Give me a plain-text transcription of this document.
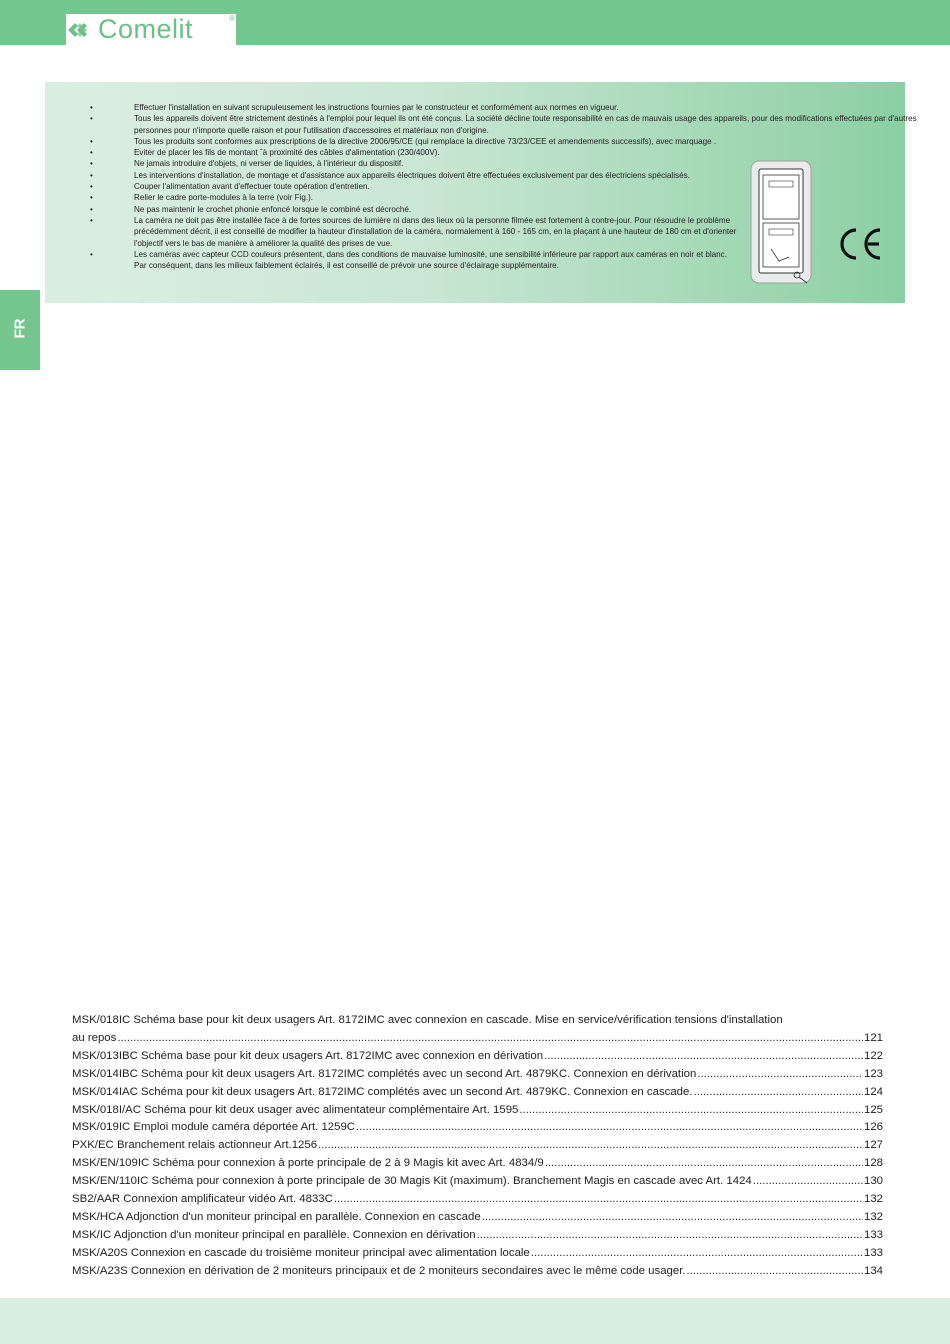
Comelit	®
FR
•	Effectuer l'installation en suivant scrupuleusement les instructions fournies par le constructeur et conformément aux normes en vigueur.
•	Tous les appareils doivent être strictement destinés à l'emploi pour lequel ils ont été conçus. La société décline toute responsabilité en cas de mauvais usage des appareils, pour des modifications effectuées par d'autres personnes pour n'importe quelle raison et pour l'utilisation d'accessoires et matériaux non d'origine.
•	Tous les produits sont conformes aux prescriptions de la directive 2006/95/CE (qui remplace la directive 73/23/CEE et amendements successifs), avec marquage .
•	Eviter de placer les fils de montant ˆà proximité des câbles d'alimentation (230/400V).
•	Ne jamais introduire d'objets, ni verser de liquides, à l'intérieur du dispositif.
•	Les interventions d'installation, de montage et d'assistance aux appareils électriques doivent être effectuées exclusivement par des électriciens spécialisés.
•	Couper l'alimentation avant d'effectuer toute opération d'entretien.
•	Relier le cadre porte-modules à la terre (voir Fig.).
•	Ne pas maintenir le crochet phonie enfoncé lorsque le combiné est décroché.
•	La caméra ne doit pas être installée face à de fortes sources de lumière ni dans des lieux où la personne filmée est fortement à contre-jour. Pour résoudre le problème précédemment décrit, il est conseillé de modifier la hauteur d'installation de la caméra, normalement à 160 - 165 cm, en la plaçant à une hauteur de 180 cm et d'orienter l'objectif vers le bas de manière à améliorer la qualité des prises de vue.
•	Les caméras avec capteur CCD couleurs présentent, dans des conditions de mauvaise luminosité, une sensibilité inférieure par rapport aux caméras en noir et blanc. Par conséquent, dans les milieux faiblement éclairés, il est conseillé de prévoir une source d'éclairage supplémentaire.
MSK/018IC Schéma base pour kit deux usagers Art. 8172IMC avec connexion en cascade. Mise en service/vérification tensions d'installation
au repos .....	121
MSK/013IBC Schéma base pour kit deux usagers Art. 8172IMC avec connexion en dérivation .....	122
MSK/014IBC Schéma pour kit deux usagers Art. 8172IMC complétés avec un second Art. 4879KC. Connexion en dérivation .....	123
MSK/014IAC Schéma pour kit deux usagers Art. 8172IMC complétés avec un second Art. 4879KC. Connexion en cascade. .....	124
MSK/018I/AC Schéma pour kit deux usager avec alimentateur complémentaire Art. 1595 .....	125
MSK/019IC Emploi module caméra déportée Art. 1259C .....	126
PXK/EC Branchement relais actionneur Art.1256 .....	127
MSK/EN/109IC Schéma pour connexion à porte principale de 2 à 9 Magis kit avec Art. 4834/9 .....	128
MSK/EN/110IC Schéma pour connexion à porte principale de 30 Magis Kit (maximum). Branchement Magis en cascade avec Art. 1424 .....	130
SB2/AAR Connexion amplificateur vidéo Art. 4833C .....	132
MSK/HCA Adjonction d'un moniteur principal en parallèle. Connexion en cascade .....	132
MSK/IC Adjonction d'un moniteur principal en parallèle. Connexion en dérivation .....	133
MSK/A20S Connexion en cascade du troisième moniteur principal avec alimentation locale .....	133
MSK/A23S Connexion en dérivation de 2 moniteurs principaux et de 2 moniteurs secondaires avec le même code usager. .....	134
